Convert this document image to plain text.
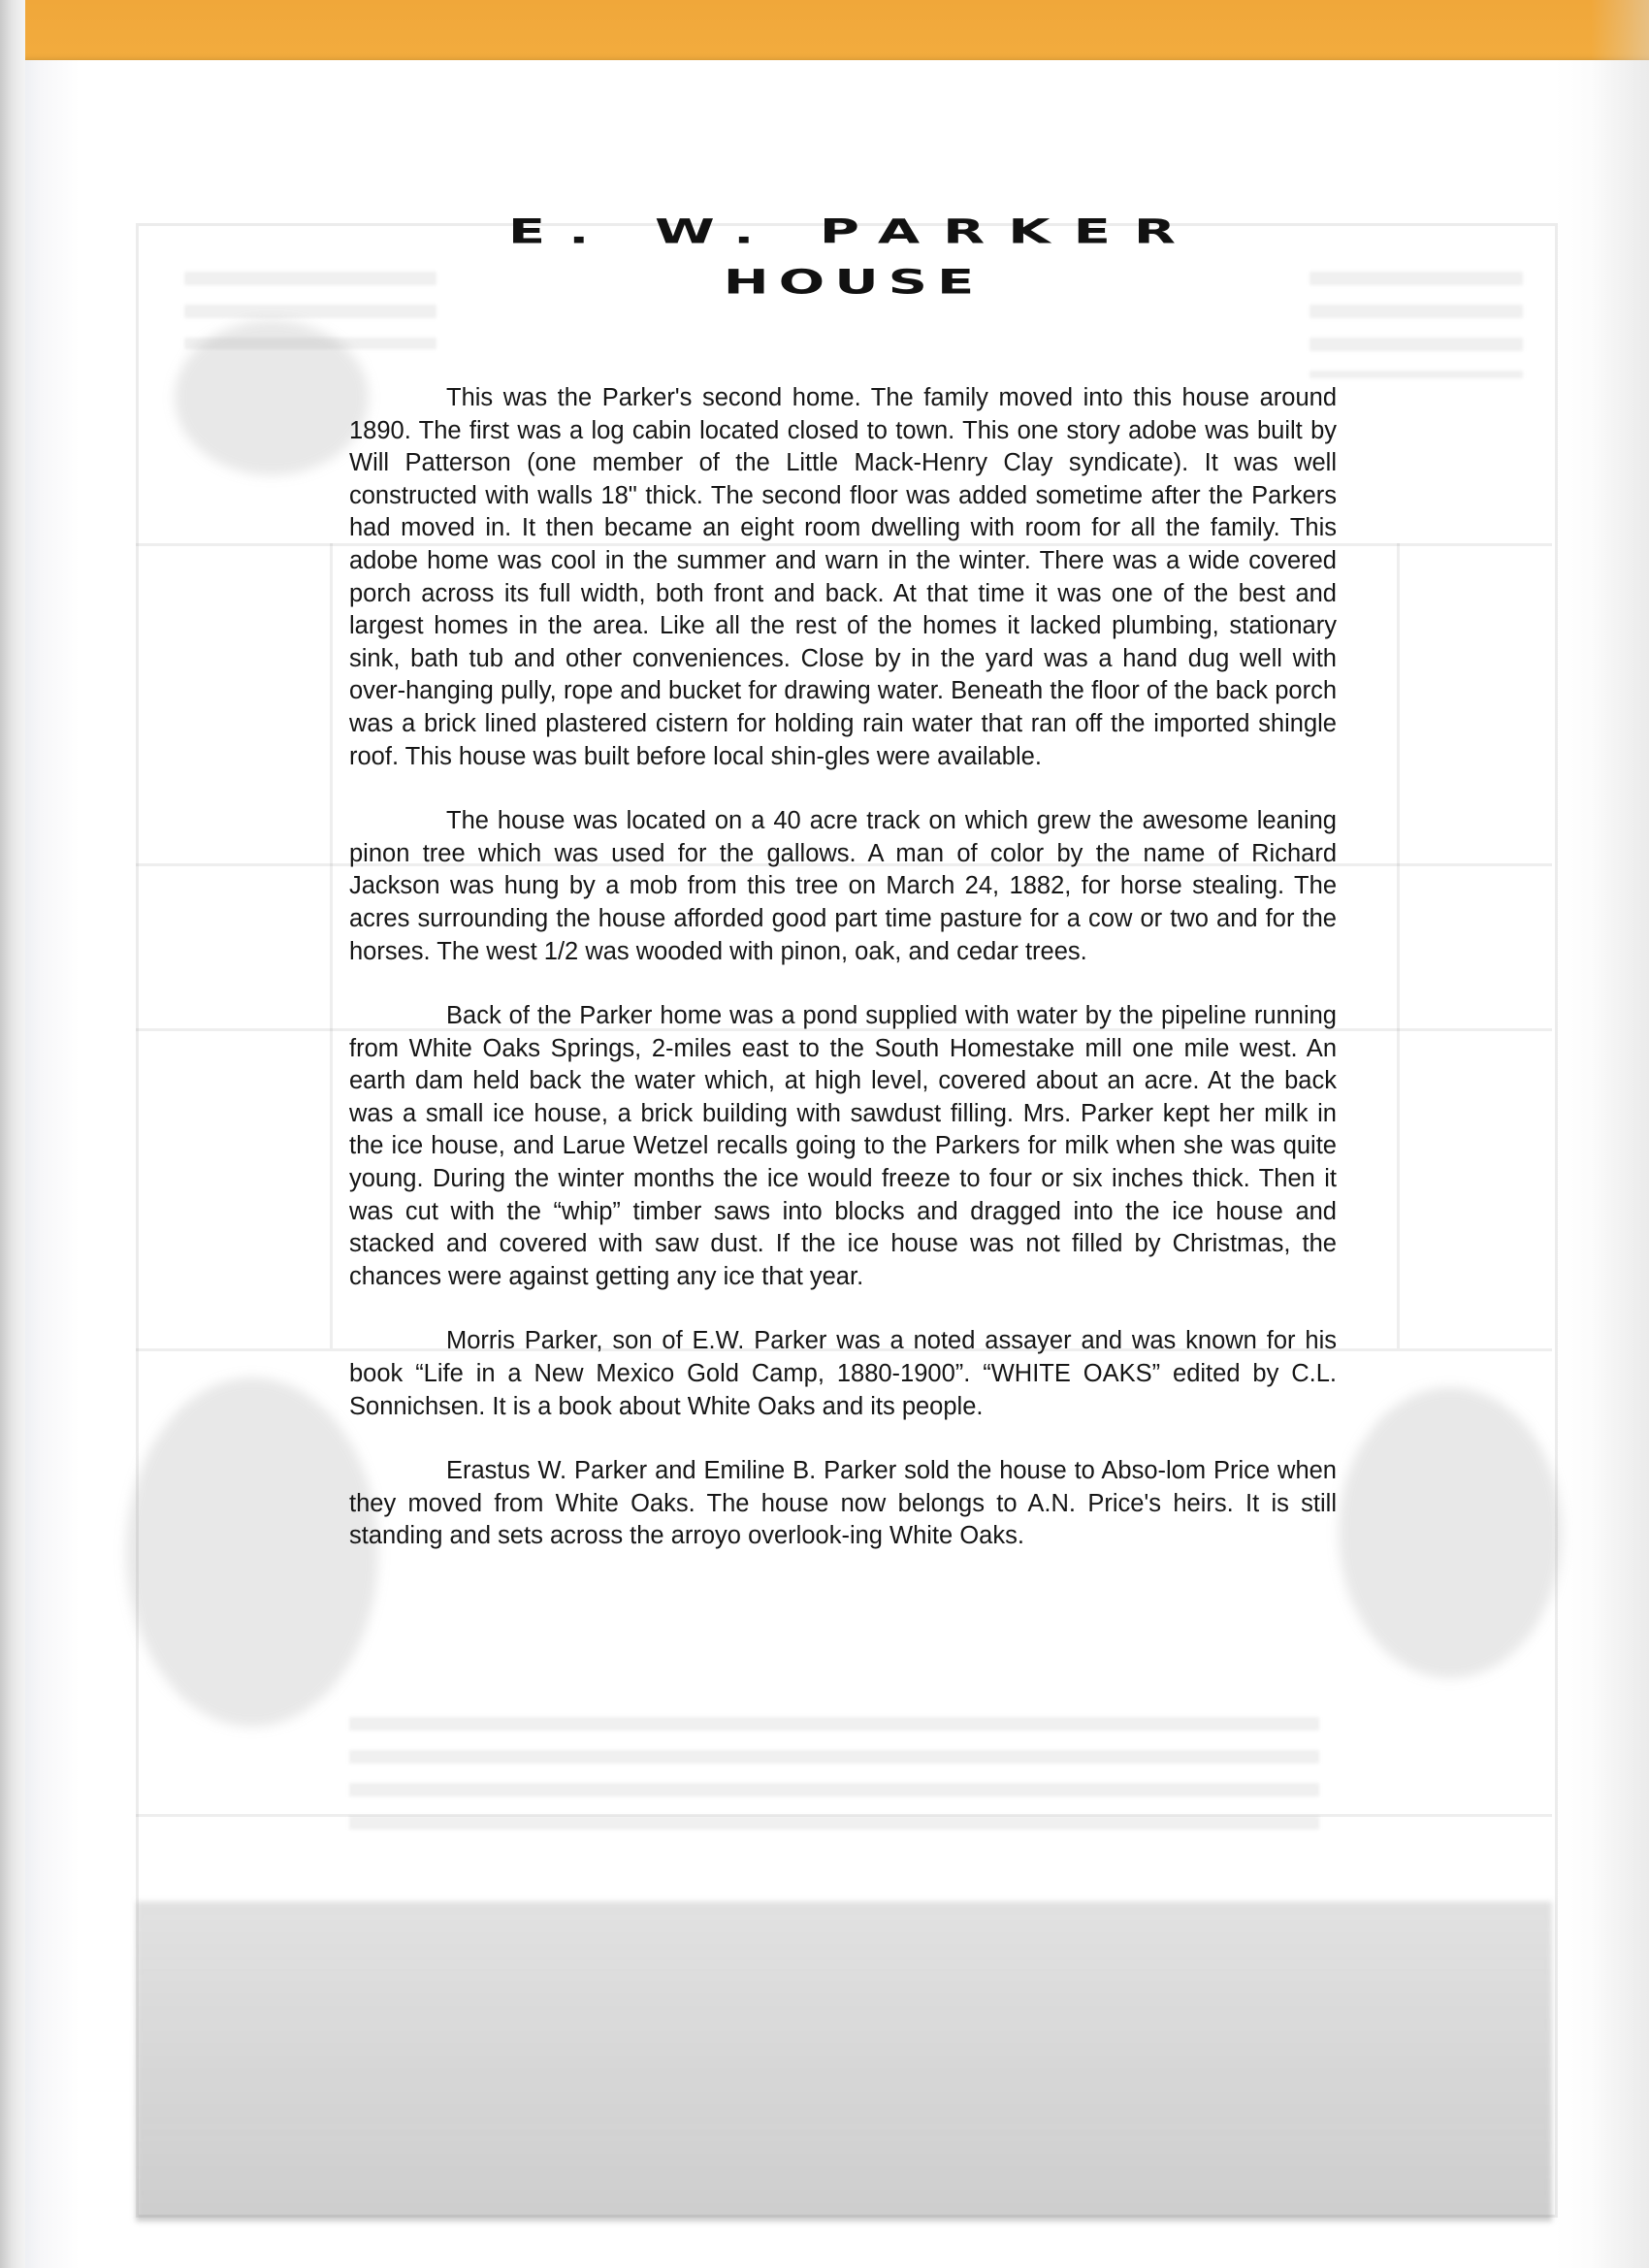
E. W. PARKER
HOUSE

This was the Parker's second home. The family moved into this house around 1890. The first was a log cabin located closed to town. This one story adobe was built by Will Patterson (one member of the Little Mack-Henry Clay syndicate). It was well constructed with walls 18" thick. The second floor was added sometime after the Parkers had moved in. It then became an eight room dwelling with room for all the family. This adobe home was cool in the summer and warn in the winter. There was a wide covered porch across its full width, both front and back. At that time it was one of the best and largest homes in the area. Like all the rest of the homes it lacked plumbing, stationary sink, bath tub and other conveniences. Close by in the yard was a hand dug well with over-hanging pully, rope and bucket for drawing water. Beneath the floor of the back porch was a brick lined plastered cistern for holding rain water that ran off the imported shingle roof. This house was built before local shin-gles were available.

The house was located on a 40 acre track on which grew the awesome leaning pinon tree which was used for the gallows. A man of color by the name of Richard Jackson was hung by a mob from this tree on March 24, 1882, for horse stealing. The acres surrounding the house afforded good part time pasture for a cow or two and for the horses. The west 1/2 was wooded with pinon, oak, and cedar trees.

Back of the Parker home was a pond supplied with water by the pipeline running from White Oaks Springs, 2-miles east to the South Homestake mill one mile west. An earth dam held back the water which, at high level, covered about an acre. At the back was a small ice house, a brick building with sawdust filling. Mrs. Parker kept her milk in the ice house, and Larue Wetzel recalls going to the Parkers for milk when she was quite young. During the winter months the ice would freeze to four or six inches thick. Then it was cut with the “whip” timber saws into blocks and dragged into the ice house and stacked and covered with saw dust. If the ice house was not filled by Christmas, the chances were against getting any ice that year.

Morris Parker, son of E.W. Parker was a noted assayer and was known for his book “Life in a New Mexico Gold Camp, 1880-1900”. “WHITE OAKS” edited by C.L. Sonnichsen. It is a book about White Oaks and its people.

Erastus W. Parker and Emiline B. Parker sold the house to Abso-lom Price when they moved from White Oaks. The house now belongs to A.N. Price's heirs. It is still standing and sets across the arroyo overlook-ing White Oaks.
